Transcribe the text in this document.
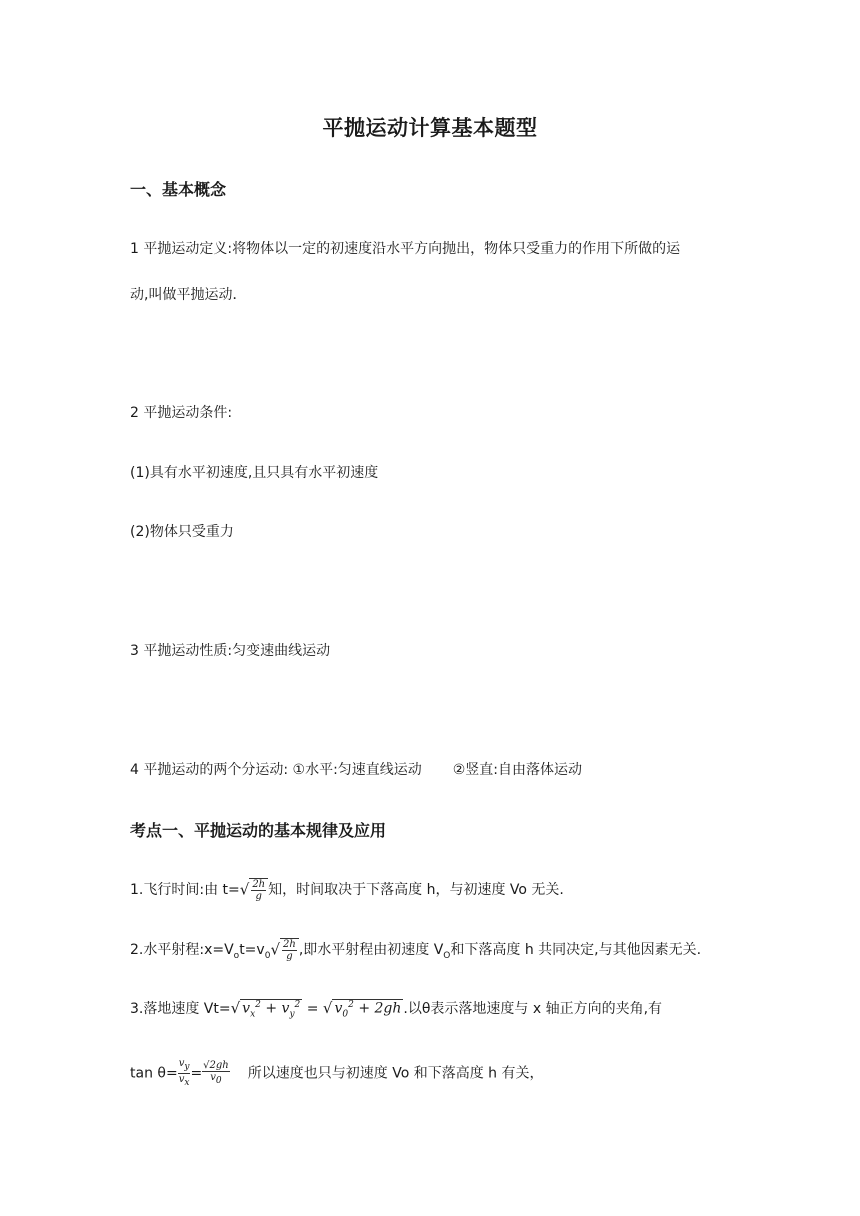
平抛运动计算基本题型
一、基本概念
1 平抛运动定义:将物体以一定的初速度沿水平方向抛出，物体只受重力的作用下所做的运
动,叫做平抛运动．
2 平抛运动条件:
(1)具有水平初速度,且只具有水平初速度
(2)物体只受重力
3 平抛运动性质:匀变速曲线运动
4 平抛运动的两个分运动: ①水平:匀速直线运动 ②竖直:自由落体运动
考点一、平抛运动的基本规律及应用
1.飞行时间:由 $t=√ \frac{2h}{g}$ 知，时间取决于下落高度 h，与初速度 Vo 无关.
2.水平射程$:x=V_ot=v_0√ \frac{2h}{g}$ ,即水平射程由初速度 $V_O$和下落高度 h 共同决定,与其他因素无关.
3.落地速度 Vt=√ $v_x^2 + v_y^2$ = √ $v_0^2 + 2gh$ .以θ表示落地速度与 x 轴正方向的夹角,有
$\tan \theta= \frac{v_y}{v_x} = \frac{√2gh}{v_0}$ 所以速度也只与初速度 Vo 和下落高度 h 有关，
